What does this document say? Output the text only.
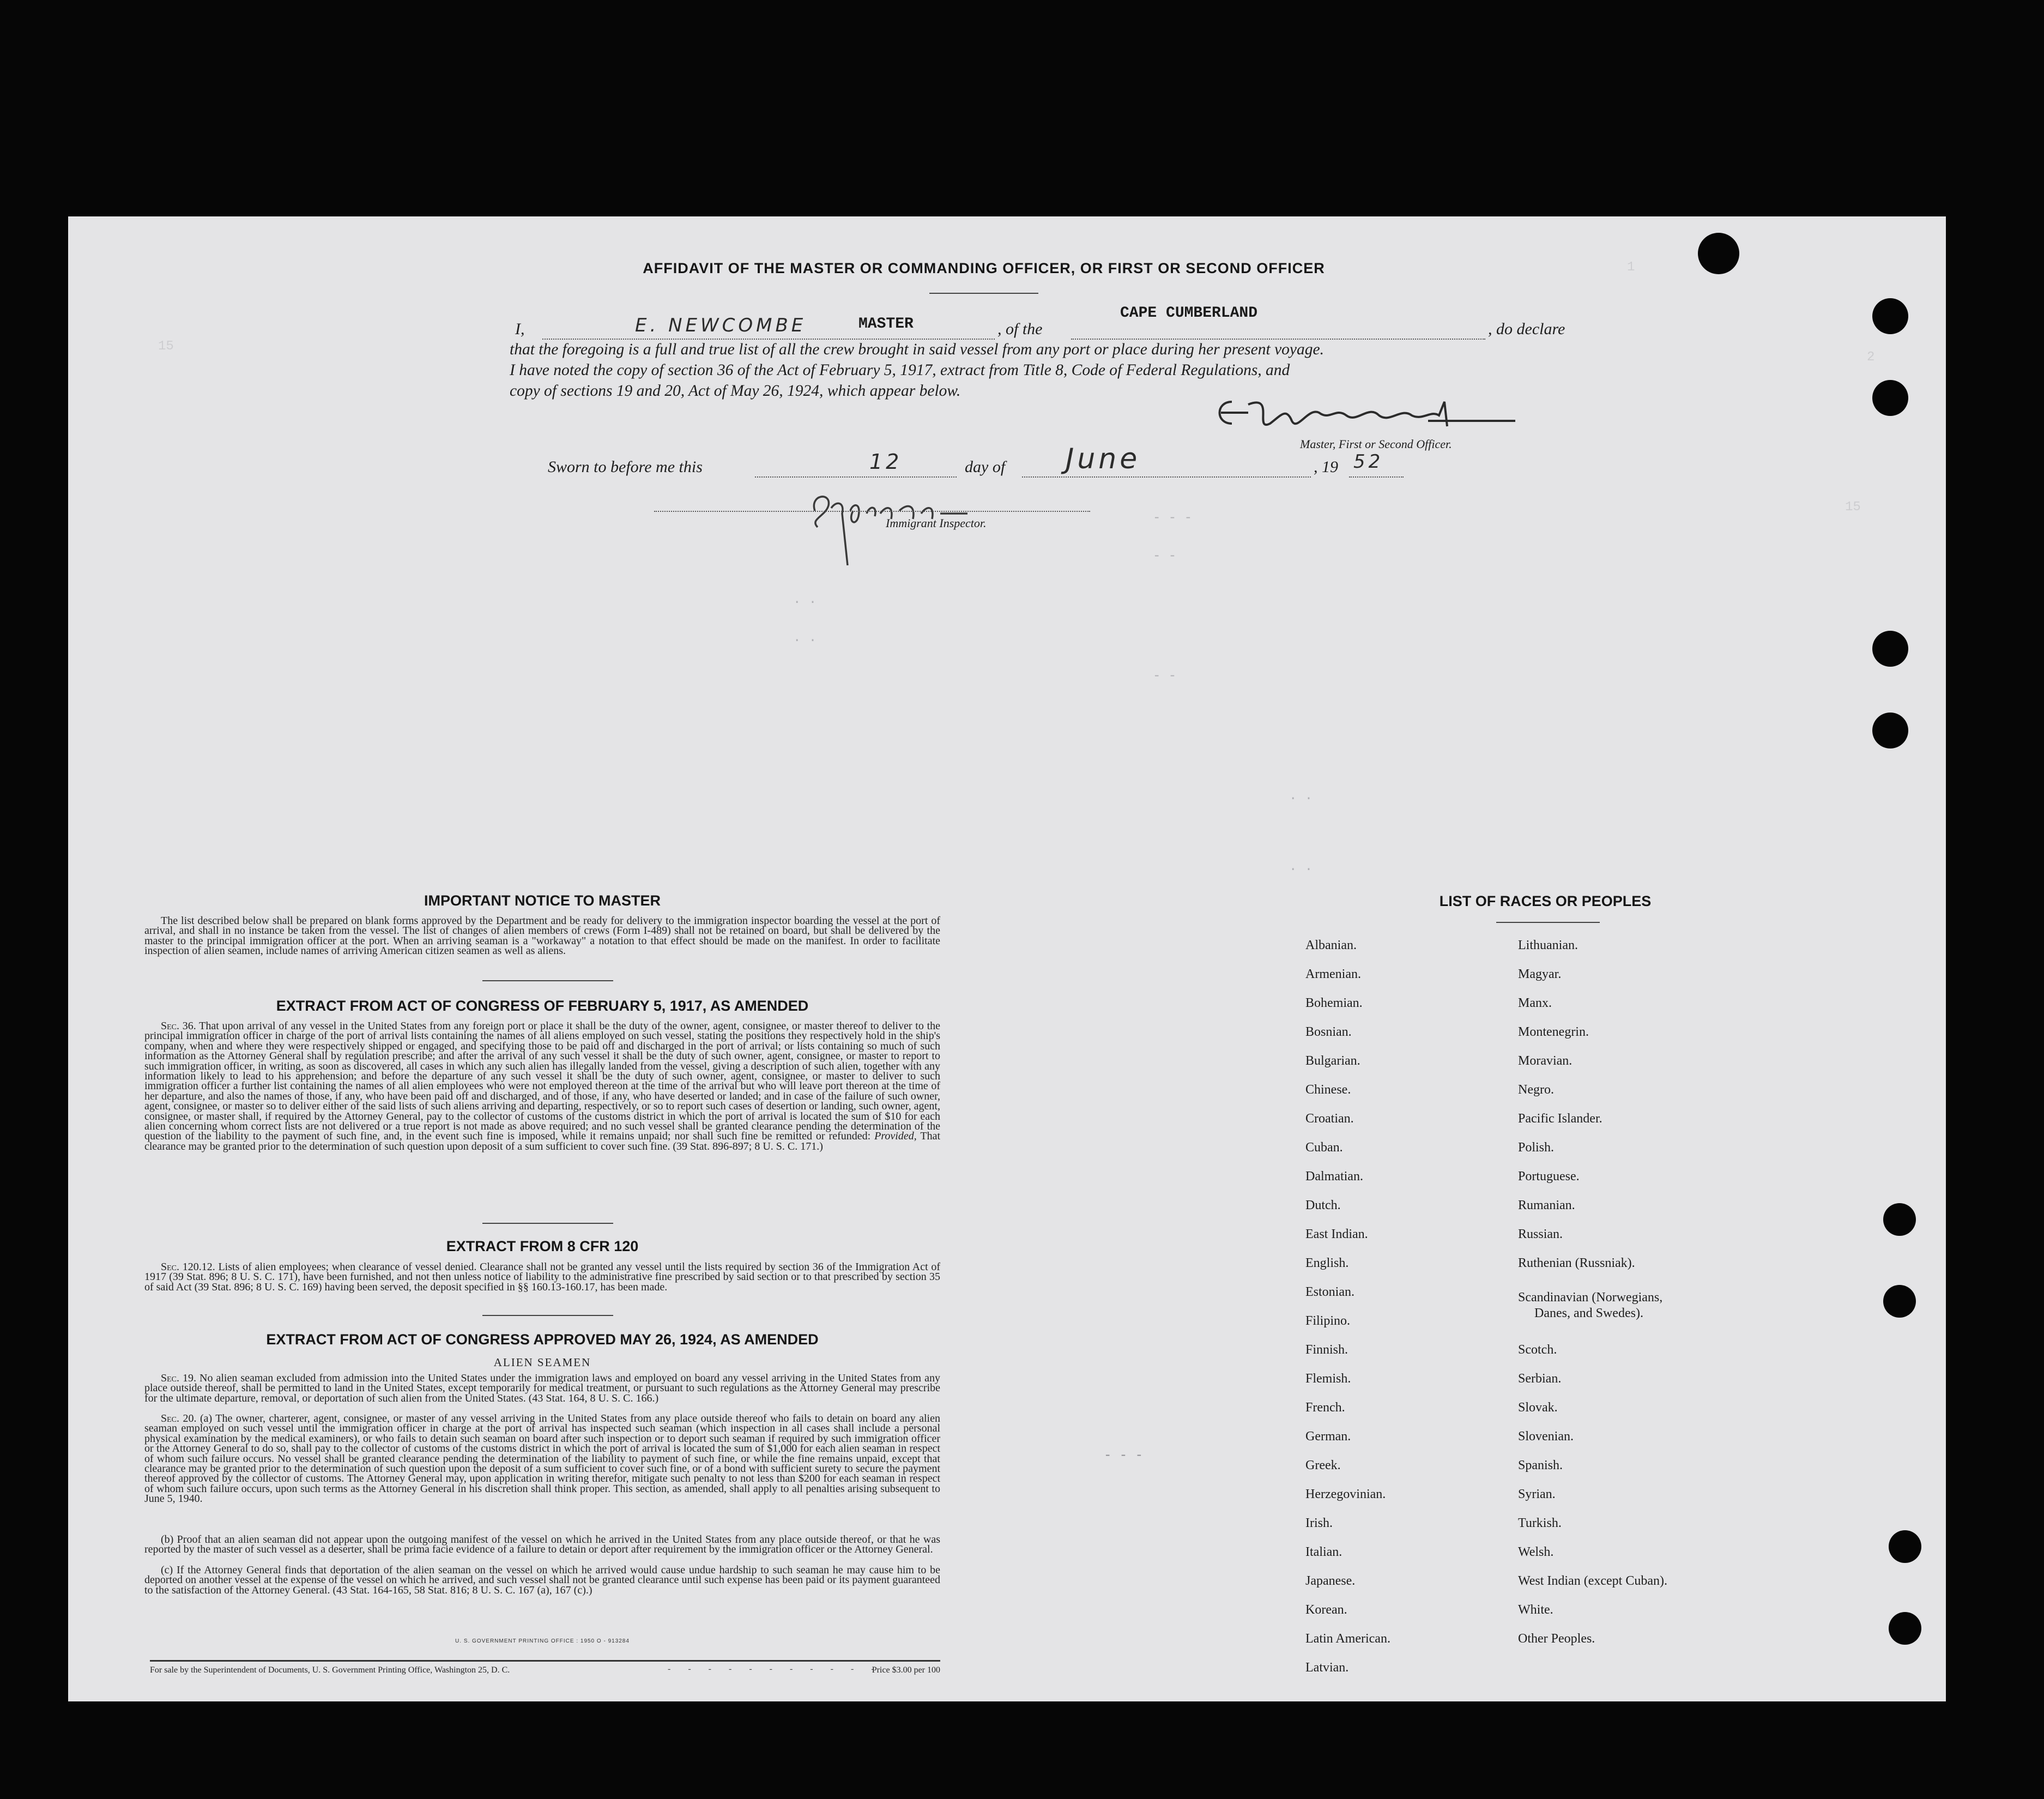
1
15
2
15
AFFIDAVIT OF THE MASTER OR COMMANDING OFFICER, OR FIRST OR SECOND OFFICER
I,	E. NEWCOMBE	MASTER	, of the
CAPE CUMBERLAND
, do declare
that the foregoing is a full and true list of all the crew brought in said vessel from any port or place during her present voyage.
I have noted the copy of section 36 of the Act of February 5, 1917, extract from Title 8, Code of Federal Regulations, and
copy of sections 19 and 20, Act of May 26, 1924, which appear below.
Master, First or Second Officer.
Sworn to before me this	12	day of June	, 19 52
Immigrant Inspector.	- - -
- -
. .
. .
- -
. .
. .
- - -
IMPORTANT NOTICE TO MASTER
The list described below shall be prepared on blank forms approved by the Department and be ready for delivery to the immigration inspector boarding the vessel at the port of arrival, and shall in no instance be taken from the vessel. The list of changes of alien members of crews (Form I-489) shall not be retained on board, but shall be delivered by the master to the principal immigration officer at the port. When an arriving seaman is a "workaway" a notation to that effect should be made on the manifest. In order to facilitate inspection of alien seamen, include names of arriving American citizen seamen as well as aliens.
EXTRACT FROM ACT OF CONGRESS OF FEBRUARY 5, 1917, AS AMENDED
Sec. 36. That upon arrival of any vessel in the United States from any foreign port or place it shall be the duty of the owner, agent, consignee, or master thereof to deliver to the principal immigration officer in charge of the port of arrival lists containing the names of all aliens employed on such vessel, stating the positions they respectively hold in the ship's company, when and where they were respectively shipped or engaged, and specifying those to be paid off and discharged in the port of arrival; or lists containing so much of such information as the Attorney General shall by regulation prescribe; and after the arrival of any such vessel it shall be the duty of such owner, agent, consignee, or master to report to such immigration officer, in writing, as soon as discovered, all cases in which any such alien has illegally landed from the vessel, giving a description of such alien, together with any information likely to lead to his apprehension; and before the departure of any such vessel it shall be the duty of such owner, agent, consignee, or master to deliver to such immigration officer a further list containing the names of all alien employees who were not employed thereon at the time of the arrival but who will leave port thereon at the time of her departure, and also the names of those, if any, who have been paid off and discharged, and of those, if any, who have deserted or landed; and in case of the failure of such owner, agent, consignee, or master so to deliver either of the said lists of such aliens arriving and departing, respectively, or so to report such cases of desertion or landing, such owner, agent, consignee, or master shall, if required by the Attorney General, pay to the collector of customs of the customs district in which the port of arrival is located the sum of $10 for each alien concerning whom correct lists are not delivered or a true report is not made as above required; and no such vessel shall be granted clearance pending the determination of the question of the liability to the payment of such fine, and, in the event such fine is imposed, while it remains unpaid; nor shall such fine be remitted or refunded: Provided, That clearance may be granted prior to the determination of such question upon deposit of a sum sufficient to cover such fine. (39 Stat. 896-897; 8 U. S. C. 171.)
EXTRACT FROM 8 CFR 120
Sec. 120.12. Lists of alien employees; when clearance of vessel denied. Clearance shall not be granted any vessel until the lists required by section 36 of the Immigration Act of 1917 (39 Stat. 896; 8 U. S. C. 171), have been furnished, and not then unless notice of liability to the administrative fine prescribed by said section or to that prescribed by section 35 of said Act (39 Stat. 896; 8 U. S. C. 169) having been served, the deposit specified in §§ 160.13-160.17, has been made.
EXTRACT FROM ACT OF CONGRESS APPROVED MAY 26, 1924, AS AMENDED
ALIEN SEAMEN
Sec. 19. No alien seaman excluded from admission into the United States under the immigration laws and employed on board any vessel arriving in the United States from any place outside thereof, shall be permitted to land in the United States, except temporarily for medical treatment, or pursuant to such regulations as the Attorney General may prescribe for the ultimate departure, removal, or deportation of such alien from the United States. (43 Stat. 164, 8 U. S. C. 166.)
Sec. 20. (a) The owner, charterer, agent, consignee, or master of any vessel arriving in the United States from any place outside thereof who fails to detain on board any alien seaman employed on such vessel until the immigration officer in charge at the port of arrival has inspected such seaman (which inspection in all cases shall include a personal physical examination by the medical examiners), or who fails to detain such seaman on board after such inspection or to deport such seaman if required by such immigration officer or the Attorney General to do so, shall pay to the collector of customs of the customs district in which the port of arrival is located the sum of $1,000 for each alien seaman in respect of whom such failure occurs. No vessel shall be granted clearance pending the determination of the liability to payment of such fine, or while the fine remains unpaid, except that clearance may be granted prior to the determination of such question upon the deposit of a sum sufficient to cover such fine, or of a bond with sufficient surety to secure the payment thereof approved by the collector of customs. The Attorney General may, upon application in writing therefor, mitigate such penalty to not less than $200 for each seaman in respect of whom such failure occurs, upon such terms as the Attorney General in his discretion shall think proper. This section, as amended, shall apply to all penalties arising subsequent to June 5, 1940.
(b) Proof that an alien seaman did not appear upon the outgoing manifest of the vessel on which he arrived in the United States from any place outside thereof, or that he was reported by the master of such vessel as a deserter, shall be prima facie evidence of a failure to detain or deport after requirement by the immigration officer or the Attorney General.
(c) If the Attorney General finds that deportation of the alien seaman on the vessel on which he arrived would cause undue hardship to such seaman he may cause him to be deported on another vessel at the expense of the vessel on which he arrived, and such vessel shall not be granted clearance until such expense has been paid or its payment guaranteed to the satisfaction of the Attorney General. (43 Stat. 164-165, 58 Stat. 816; 8 U. S. C. 167 (a), 167 (c).)
U. S. GOVERNMENT PRINTING OFFICE : 1950 O - 913284
For sale by the Superintendent of Documents, U. S. Government Printing Office, Washington 25, D. C.	- - - - - - - - - - -
Price $3.00 per 100
LIST OF RACES OR PEOPLES
Albanian.
Armenian.
Bohemian.
Bosnian.
Bulgarian.
Chinese.
Croatian.
Cuban.
Dalmatian.
Dutch.
East Indian.
English.
Estonian.
Filipino.
Finnish.
Flemish.
French.
German.
Greek.
Herzegovinian.
Irish.
Italian.
Japanese.
Korean.
Latin American.
Latvian.
Lithuanian.
Magyar.
Manx.
Montenegrin.
Moravian.
Negro.
Pacific Islander.
Polish.
Portuguese.
Rumanian.
Russian.
Ruthenian (Russniak).
Scandinavian (Norwegians,
Danes, and Swedes).
Scotch.
Serbian.
Slovak.
Slovenian.
Spanish.
Syrian.
Turkish.
Welsh.
West Indian (except Cuban).
White.
Other Peoples.
